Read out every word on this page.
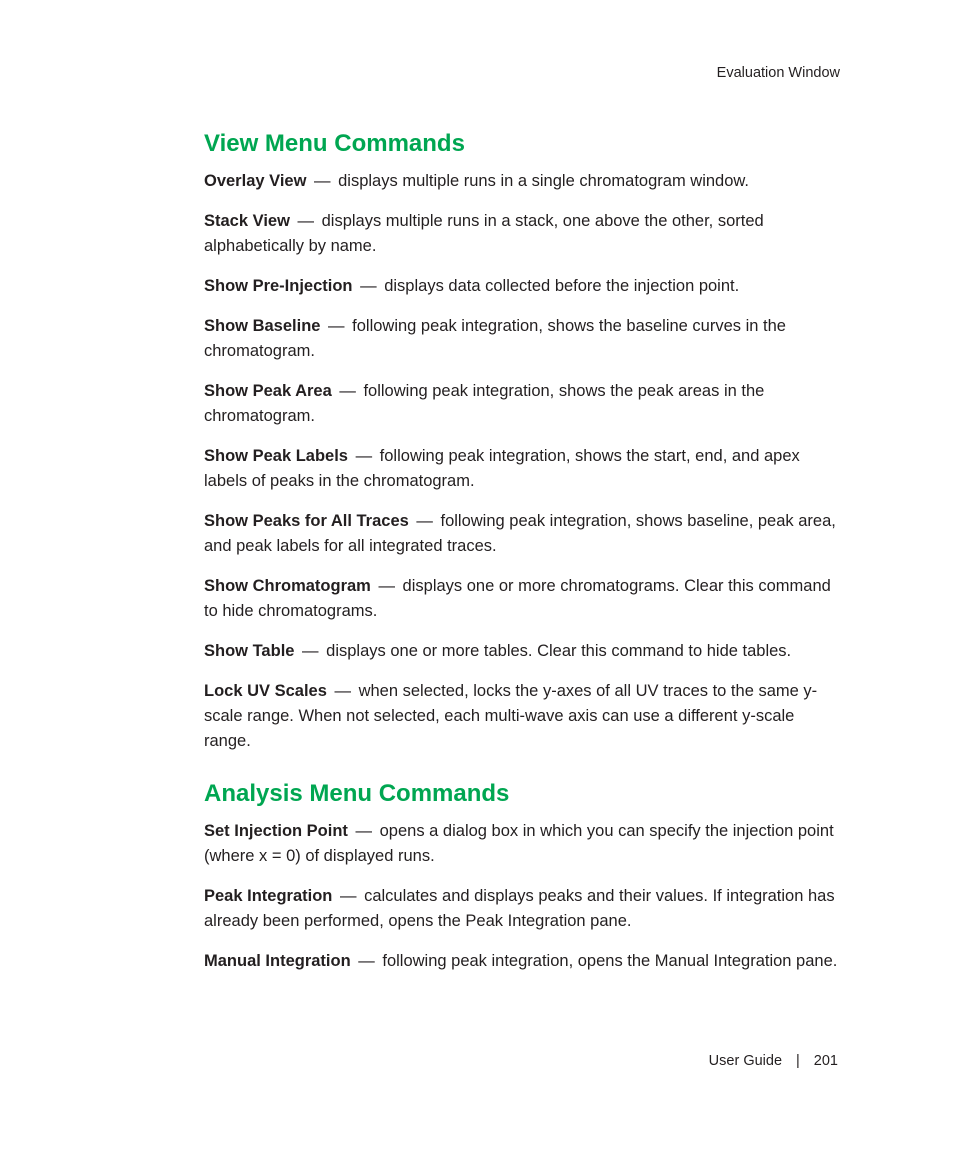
Evaluation Window
View Menu Commands

Overlay View — displays multiple runs in a single chromatogram window.

Stack View — displays multiple runs in a stack, one above the other, sorted alphabetically by name.

Show Pre-Injection — displays data collected before the injection point.

Show Baseline — following peak integration, shows the baseline curves in the chromatogram.

Show Peak Area — following peak integration, shows the peak areas in the chromatogram.

Show Peak Labels — following peak integration, shows the start, end, and apex labels of peaks in the chromatogram.

Show Peaks for All Traces — following peak integration, shows baseline, peak area, and peak labels for all integrated traces.

Show Chromatogram — displays one or more chromatograms. Clear this command to hide chromatograms.

Show Table — displays one or more tables. Clear this command to hide tables.

Lock UV Scales — when selected, locks the y-axes of all UV traces to the same y-scale range. When not selected, each multi-wave axis can use a different y-scale range.

Analysis Menu Commands

Set Injection Point — opens a dialog box in which you can specify the injection point (where x = 0) of displayed runs.

Peak Integration — calculates and displays peaks and their values. If integration has already been performed, opens the Peak Integration pane.

Manual Integration — following peak integration, opens the Manual Integration pane.

User Guide | 201
